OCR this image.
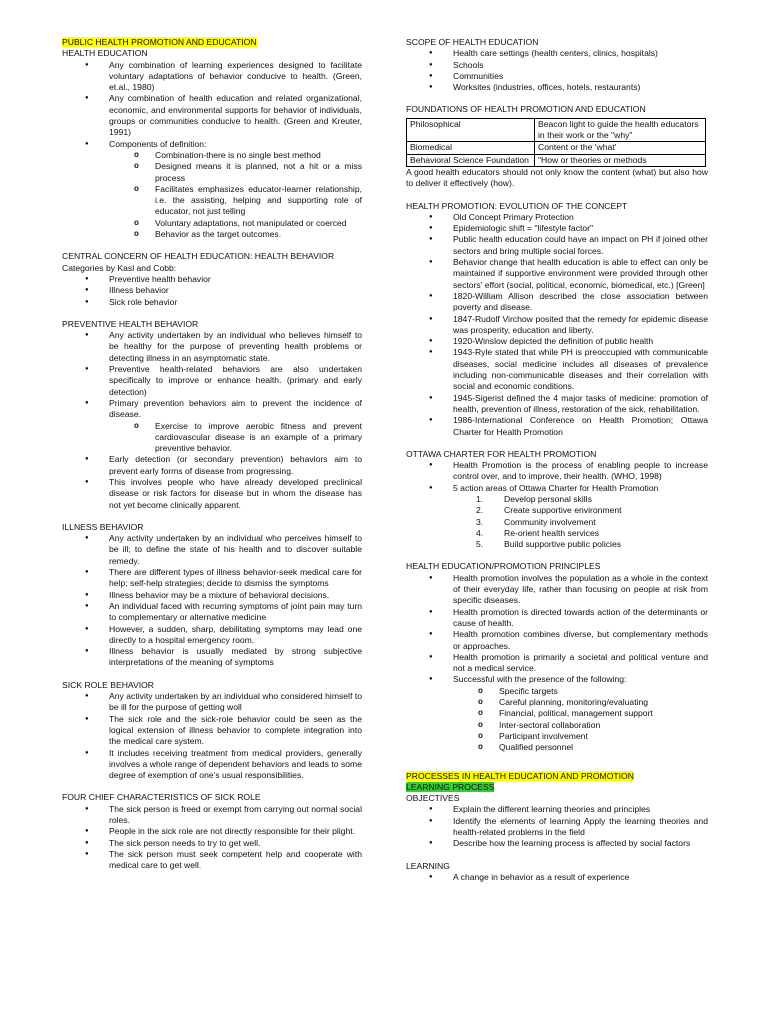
PUBLIC HEALTH PROMOTION AND EDUCATION
HEALTH EDUCATION
● Any combination of learning experiences designed to facilitate voluntary adaptations of behavior conducive to health. (Green, et.al., 1980)
● Any combination of health education and related organizational, economic, and environmental supports for behavior of individuals, groups or communities conducive to health. (Green and Kreuter, 1991)
● Components of definition:
o Combination-there is no single best method
o Designed means it is planned, not a hit or a miss process
o Facilitates emphasizes educator-learner relationship, i.e. the assisting, helping and supporting role of educator, not just telling
o Voluntary adaptations, not manipulated or coerced
o Behavior as the target outcomes.
CENTRAL CONCERN OF HEALTH EDUCATION: HEALTH BEHAVIOR

Categories by Kasl and Cobb:

● Preventive health behavior
● Illness behavior
● Sick role behavior
PREVENTIVE HEALTH BEHAVIOR
● Any activity undertaken by an individual who believes himself to be healthy for the purpose of preventing health problems or detecting illness in an asymptomatic state.
● Preventive health-related behaviors are also undertaken specifically to improve or enhance health. (primary and early detection)
● Primary prevention behaviors aim to prevent the incidence of disease.
o Exercise to improve aerobic fitness and prevent cardiovascular disease is an example of a primary preventive behavior.
● Early detection (or secondary prevention) behaviors aim to prevent early forms of disease from progressing.
● This involves people who have already developed preclinical disease or risk factors for disease but in whom the disease has not yet become clinically apparent.
ILLNESS BEHAVIOR
● Any activity undertaken by an individual who perceives himself to be ill; to define the state of his health and to discover suitable remedy.
● There are different types of illness behavior-seek medical care for help; self-help strategies; decide to dismiss the symptoms
● Illness behavior may be a mixture of behavioral decisions.
● An individual faced with recurring symptoms of joint pain may turn to complementary or alternative medicine
● However, a sudden, sharp, debilitating symptoms may lead one directly to a hospital emergency room.
● Illness behavior is usually mediated by strong subjective interpretations of the meaning of symptoms
SICK ROLE BEHAVIOR
● Any activity undertaken by an individual who considered himself to be ill for the purpose of getting woll
● The sick role and the sick-role behavior could be seen as the logical extension of illness behavior to complete integration into the medical care system.
● It includes receiving treatment from medical providers, generally involves a whole range of dependent behaviors and leads to some degree of exemption of one's usual responsibilities.
FOUR CHIEF CHARACTERISTICS OF SICK ROLE
● The sick person is freed or exempt from carrying out normal social roles.
● People in the sick role are not directly responsible for their plight.
● The sick person needs to try to get well.
● The sick person must seek competent help and cooperate with medical care to get well.
SCOPE OF HEALTH EDUCATION
● Health care settings (health centers, clinics, hospitals)
● Schools
● Communities
● Worksites (industries, offices, hotels, restaurants)
FOUNDATIONS OF HEALTH PROMOTION AND EDUCATION
Philosophical	Beacon light to guide the health educators in their work or the "why"
Biomedical	Content or the 'what'
Behavioral Science Foundation	"How or theories or methods

A good health educators should not only know the content (what) but also how to deliver it effectively (how).

HEALTH PROMOTION: EVOLUTION OF THE CONCEPT
● Old Concept Primary Protection
● Epidemiologic shift = "lifestyle factor"
● Public health education could have an impact on PH if joined other sectors and bring multiple social forces.
● Behavior change that health education is able to effect can only be maintained if supportive environment were provided through other sectors' effort (social, political, economic, biomedical, etc.) [Green]
● 1820-William Allison described the close association between poverty and disease.
● 1847-Rudolf Virchow posited that the remedy for epidemic disease was prosperity, education and liberty.
● 1920-Winslow depicted the definition of public health
● 1943-Ryle stated that while PH is preoccupied with communicable diseases, social medicine includes all diseases of prevalence including non-communicable diseases and their correlation with social and economic conditions.
● 1945-Sigerist defined the 4 major tasks of medicine: promotion of health, prevention of illness, restoration of the sick, rehabilitation.
● 1986-International Conference on Health Promotion; Ottawa Charter for Health Promotion
OTTAWA CHARTER FOR HEALTH PROMOTION
● Health Promotion is the process of enabling people to increase control over, and to improve, their health. (WHO, 1998)
● 5 action areas of Ottawa Charter for Health Promotion
1. Develop personal skills
2. Create supportive environment
3. Community involvement
4. Re-orient health services
5. Build supportive public policies
HEALTH EDUCATION/PROMOTION PRINCIPLES
● Health promotion involves the population as a whole in the context of their everyday life, rather than focusing on people at risk from specific diseases.
● Health promotion is directed towards action of the determinants or cause of health.
● Health promotion combines diverse, but complementary methods or approaches.
● Health promotion is primarily a societal and political venture and not a medical service.
● Successful with the presence of the following:
o Specific targets
o Careful planning, monitoring/evaluating
o Financial, political, management support
o Inter-sectoral collaboration
o Participant involvement
o Qualified personnel
PROCESSES IN HEALTH EDUCATION AND PROMOTION
LEARNING PROCESS
OBJECTIVES
● Explain the different learning theories and principles
● Identify the elements of learning Apply the learning theories and health-related problems in the field
● Describe how the learning process is affected by social factors
LEARNING
● A change in behavior as a result of experience
